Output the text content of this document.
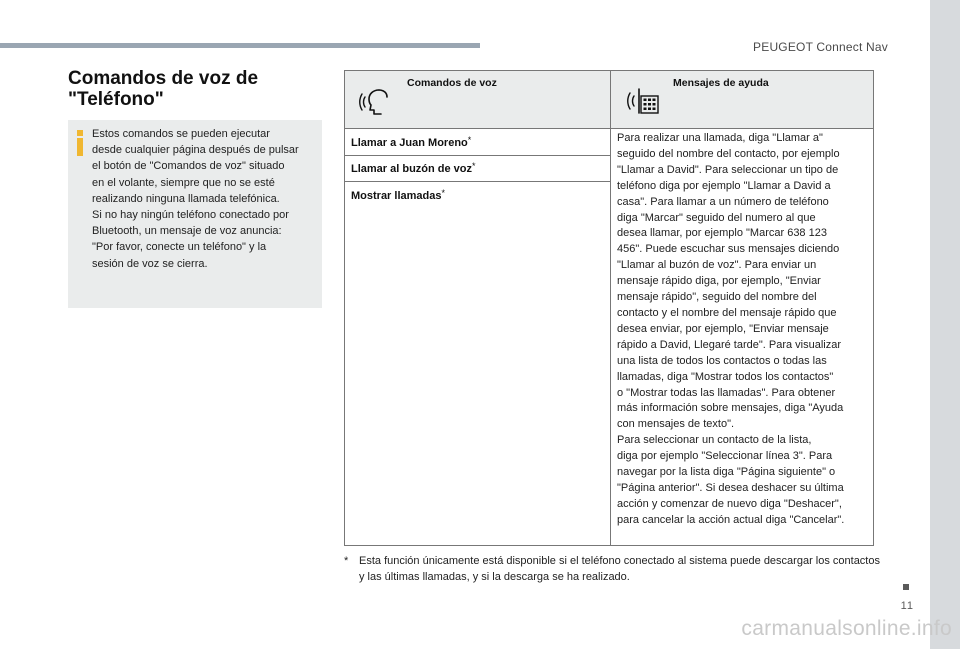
PEUGEOT Connect Nav
Comandos de voz de
"Teléfono"

Estos comandos se pueden ejecutar
desde cualquier página después de pulsar
el botón de "Comandos de voz" situado
en el volante, siempre que no se esté
realizando ninguna llamada telefónica.
Si no hay ningún teléfono conectado por
Bluetooth, un mensaje de voz anuncia:
"Por favor, conecte un teléfono" y la
sesión de voz se cierra.

Comandos de voz	Mensajes de ayuda
Llamar a Juan Moreno*
Llamar al buzón de voz*
Mostrar llamadas*

Para realizar una llamada, diga "Llamar a"
seguido del nombre del contacto, por ejemplo
"Llamar a David". Para seleccionar un tipo de
teléfono diga por ejemplo "Llamar a David a
casa". Para llamar a un número de teléfono
diga "Marcar" seguido del numero al que
desea llamar, por ejemplo "Marcar 638 123
456". Puede escuchar sus mensajes diciendo
"Llamar al buzón de voz". Para enviar un
mensaje rápido diga, por ejemplo, "Enviar
mensaje rápido", seguido del nombre del
contacto y el nombre del mensaje rápido que
desea enviar, por ejemplo, "Enviar mensaje
rápido a David, Llegaré tarde". Para visualizar
una lista de todos los contactos o todas las
llamadas, diga "Mostrar todos los contactos"
o "Mostrar todas las llamadas". Para obtener
más información sobre mensajes, diga "Ayuda
con mensajes de texto".
Para seleccionar un contacto de la lista,
diga por ejemplo "Seleccionar línea 3". Para
navegar por la lista diga "Página siguiente" o
"Página anterior". Si desea deshacer su última
acción y comenzar de nuevo diga "Deshacer",
para cancelar la acción actual diga "Cancelar".

* Esta función únicamente está disponible si el teléfono conectado al sistema puede descargar los contactos y las últimas llamadas, y si la descarga se ha realizado.
11
carmanualsonline.info
